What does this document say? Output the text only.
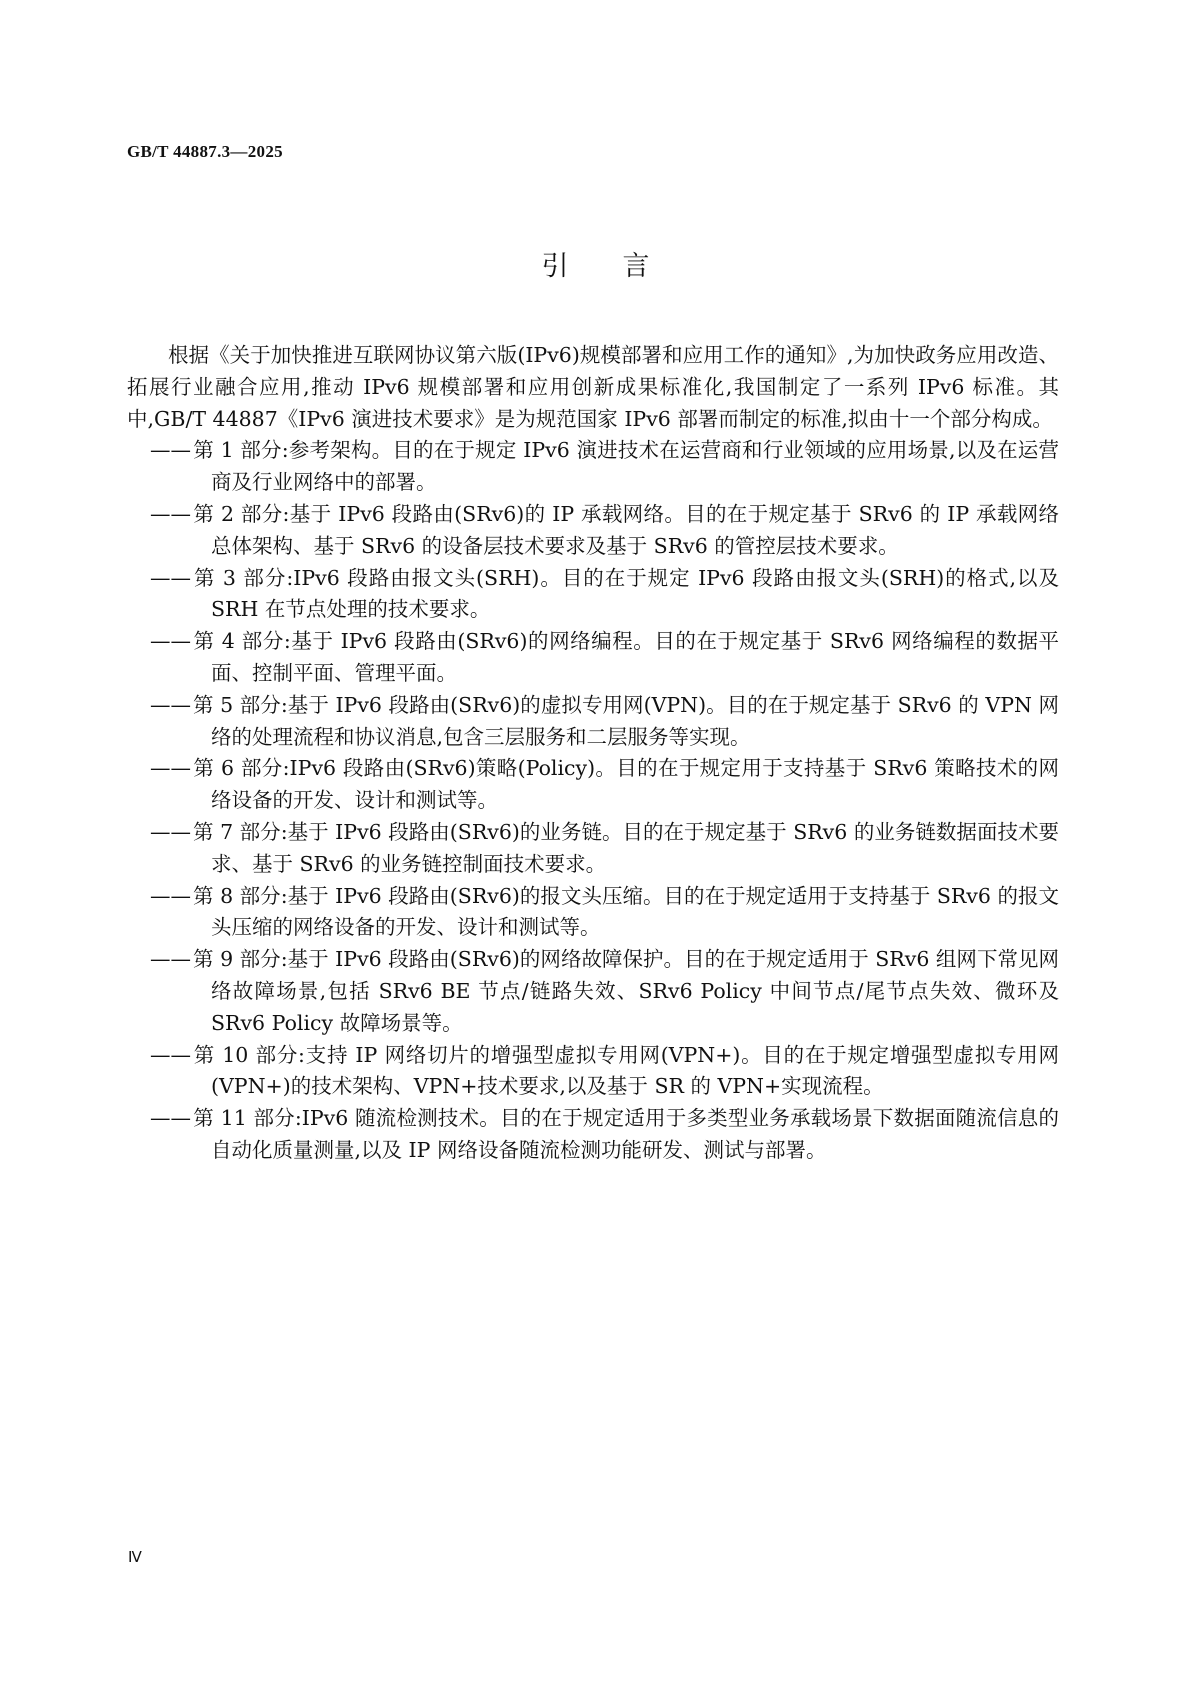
GB/T 44887.3—2025
引 言

根据《关于加快推进互联网协议第六版(IPv6)规模部署和应用工作的通知》,为加快政务应用改造、拓展行业融合应用,推动 IPv6 规模部署和应用创新成果标准化,我国制定了一系列 IPv6 标准。其中,GB/T 44887《IPv6 演进技术要求》是为规范国家 IPv6 部署而制定的标准,拟由十一个部分构成。

——第 1 部分:参考架构。目的在于规定 IPv6 演进技术在运营商和行业领域的应用场景,以及在运营商及行业网络中的部署。

——第 2 部分:基于 IPv6 段路由(SRv6)的 IP 承载网络。目的在于规定基于 SRv6 的 IP 承载网络总体架构、基于 SRv6 的设备层技术要求及基于 SRv6 的管控层技术要求。

——第 3 部分:IPv6 段路由报文头(SRH)。目的在于规定 IPv6 段路由报文头(SRH)的格式,以及 SRH 在节点处理的技术要求。

——第 4 部分:基于 IPv6 段路由(SRv6)的网络编程。目的在于规定基于 SRv6 网络编程的数据平面、控制平面、管理平面。

——第 5 部分:基于 IPv6 段路由(SRv6)的虚拟专用网(VPN)。目的在于规定基于 SRv6 的 VPN 网络的处理流程和协议消息,包含三层服务和二层服务等实现。

——第 6 部分:IPv6 段路由(SRv6)策略(Policy)。目的在于规定用于支持基于 SRv6 策略技术的网络设备的开发、设计和测试等。

——第 7 部分:基于 IPv6 段路由(SRv6)的业务链。目的在于规定基于 SRv6 的业务链数据面技术要求、基于 SRv6 的业务链控制面技术要求。

——第 8 部分:基于 IPv6 段路由(SRv6)的报文头压缩。目的在于规定适用于支持基于 SRv6 的报文头压缩的网络设备的开发、设计和测试等。

——第 9 部分:基于 IPv6 段路由(SRv6)的网络故障保护。目的在于规定适用于 SRv6 组网下常见网络故障场景,包括 SRv6 BE 节点/链路失效、SRv6 Policy 中间节点/尾节点失效、微环及 SRv6 Policy 故障场景等。

——第 10 部分:支持 IP 网络切片的增强型虚拟专用网(VPN+)。目的在于规定增强型虚拟专用网(VPN+)的技术架构、VPN+技术要求,以及基于 SR 的 VPN+实现流程。

——第 11 部分:IPv6 随流检测技术。目的在于规定适用于多类型业务承载场景下数据面随流信息的自动化质量测量,以及 IP 网络设备随流检测功能研发、测试与部署。

Ⅳ
